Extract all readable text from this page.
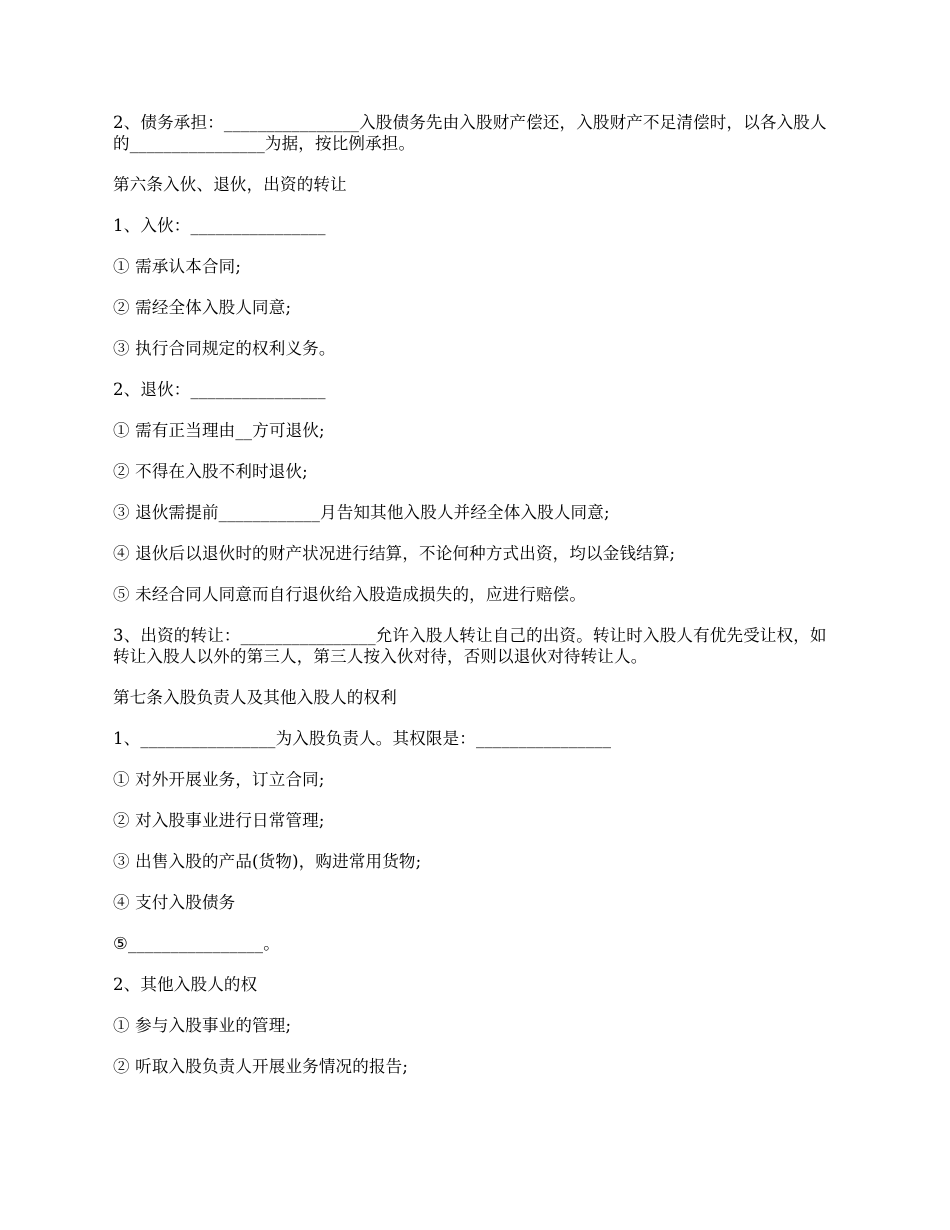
2、债务承担：________________入股债务先由入股财产偿还，入股财产不足清偿时，以各入股人的________________为据，按比例承担。

第六条入伙、退伙，出资的转让

1、入伙：________________

① 需承认本合同;

② 需经全体入股人同意;

③ 执行合同规定的权利义务。

2、退伙：________________

① 需有正当理由__方可退伙;

② 不得在入股不利时退伙;

③ 退伙需提前____________月告知其他入股人并经全体入股人同意;

④ 退伙后以退伙时的财产状况进行结算，不论何种方式出资，均以金钱结算;

⑤ 未经合同人同意而自行退伙给入股造成损失的，应进行赔偿。

3、出资的转让：________________允许入股人转让自己的出资。转让时入股人有优先受让权，如转让入股人以外的第三人，第三人按入伙对待，否则以退伙对待转让人。

第七条入股负责人及其他入股人的权利

1、________________为入股负责人。其权限是：________________

① 对外开展业务，订立合同;

② 对入股事业进行日常管理;

③ 出售入股的产品(货物)，购进常用货物;

④ 支付入股债务

⑤________________。

2、其他入股人的权

① 参与入股事业的管理;

② 听取入股负责人开展业务情况的报告;
